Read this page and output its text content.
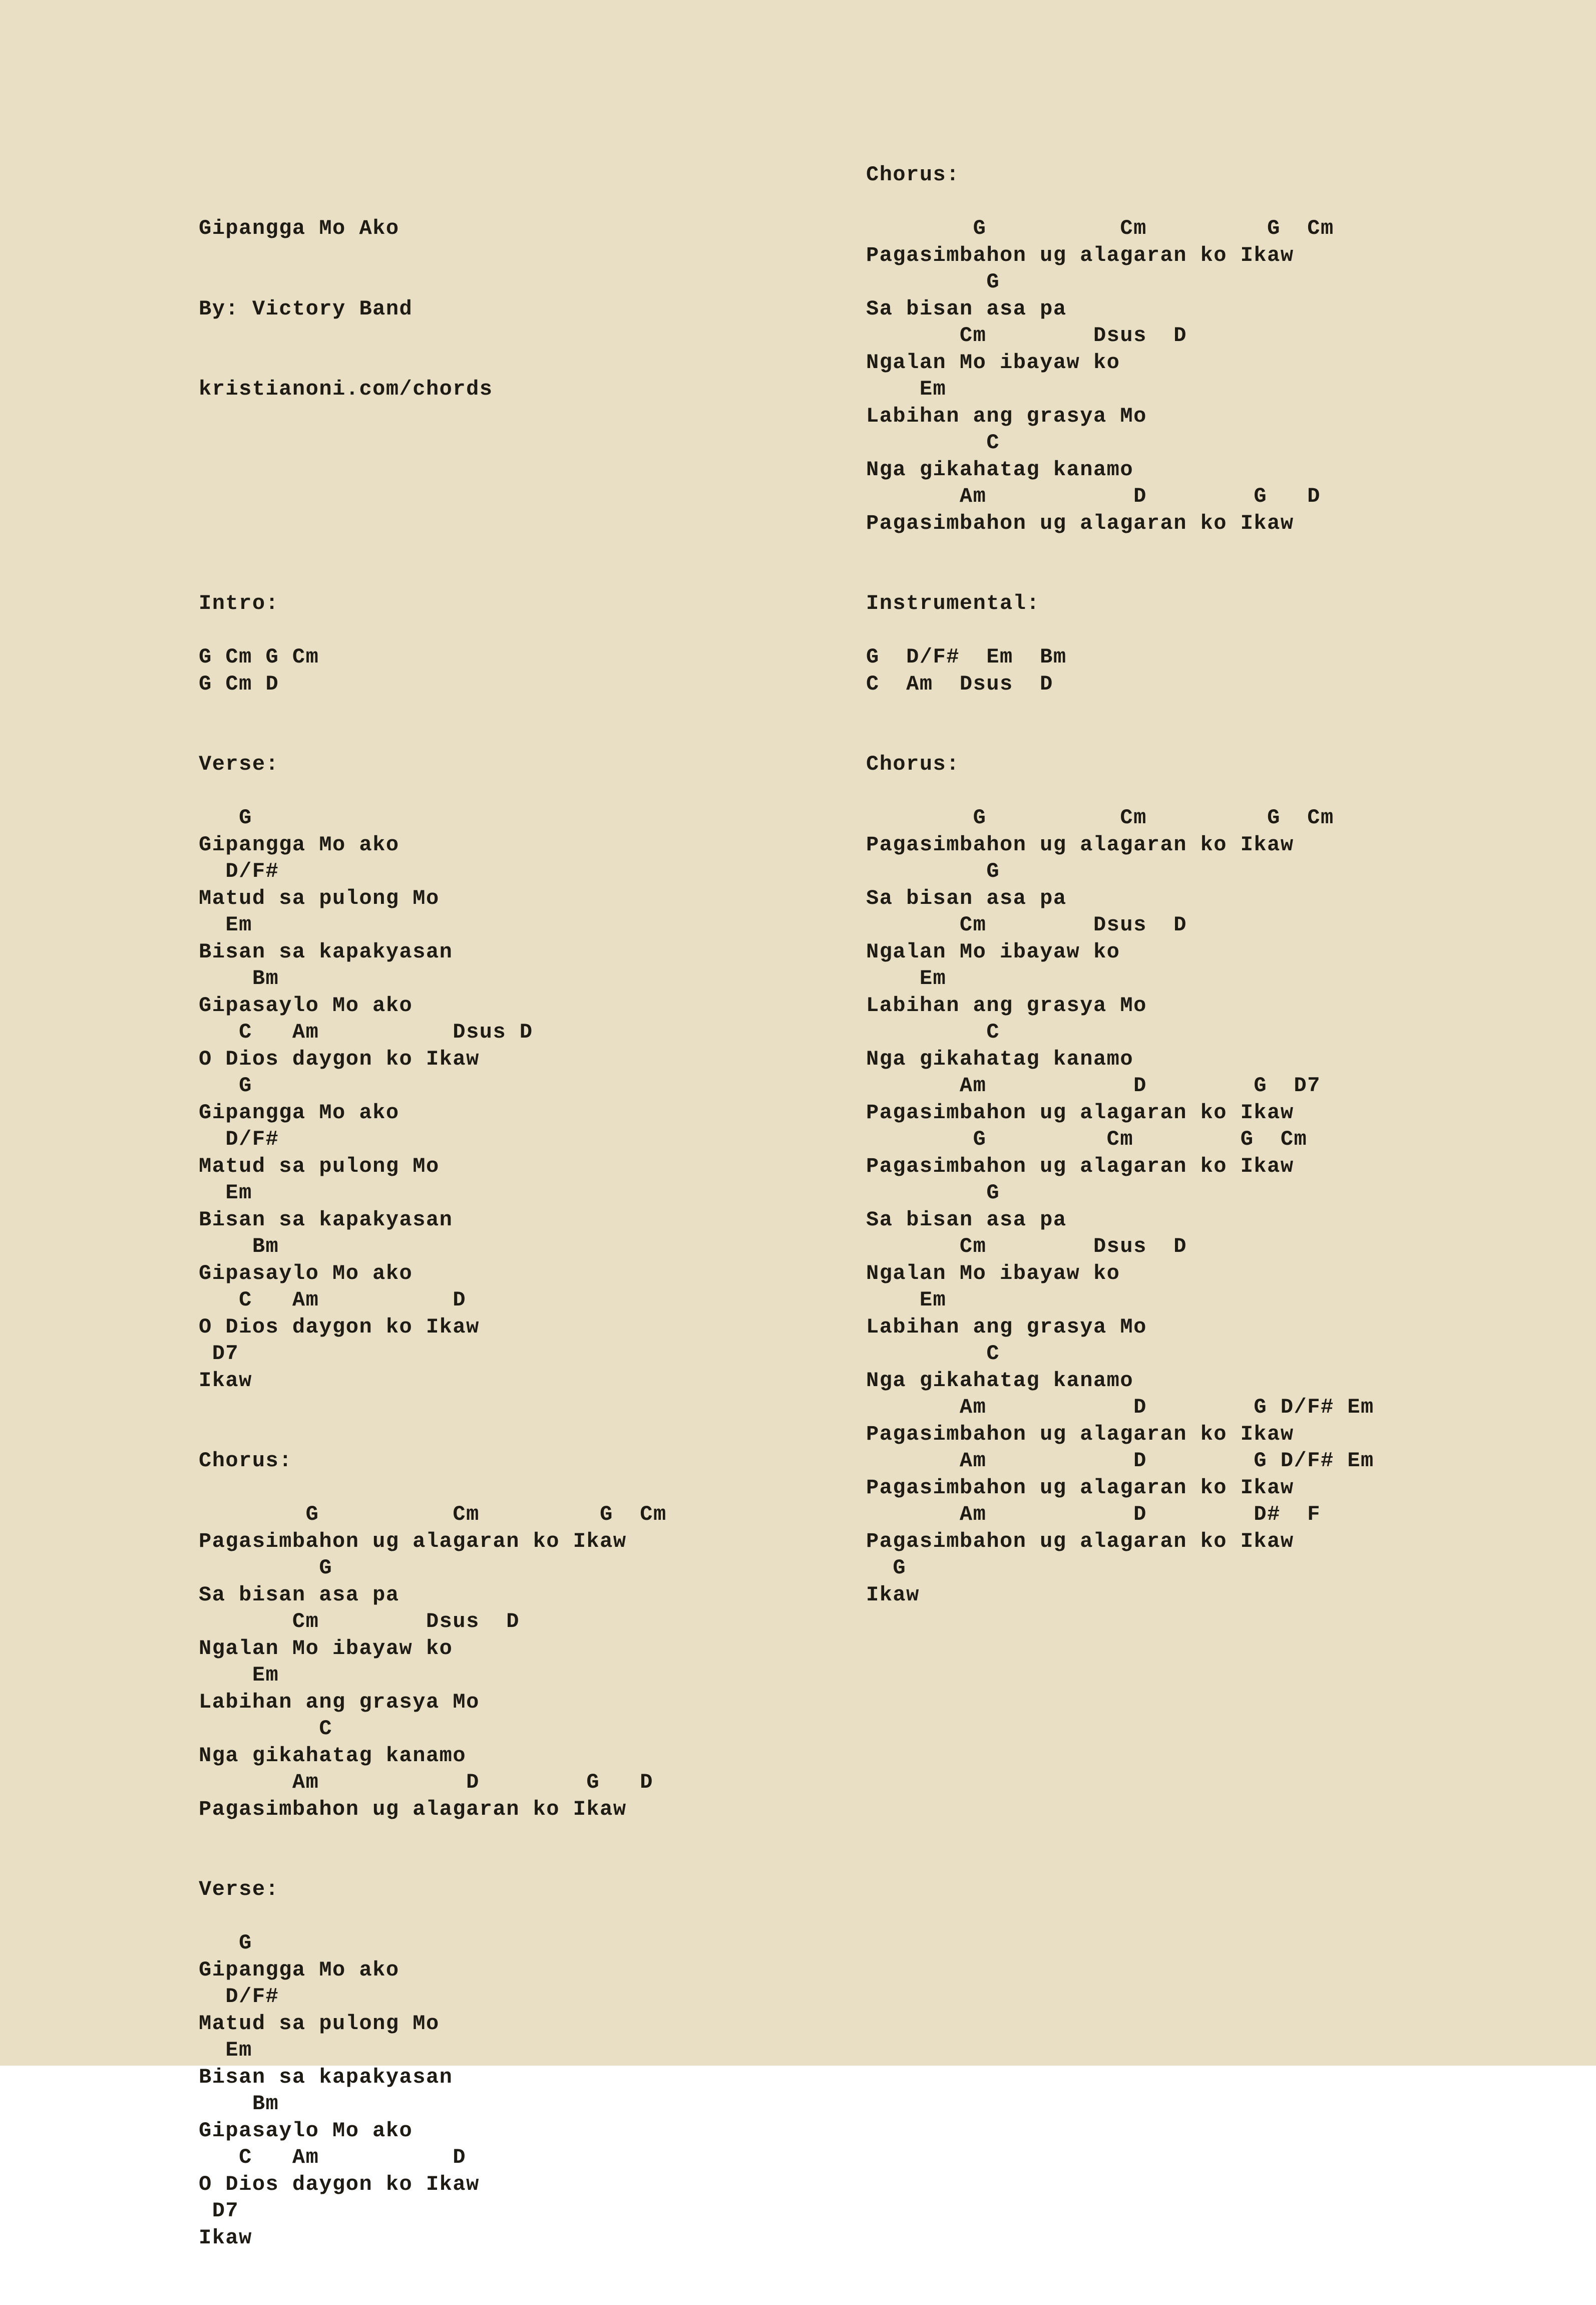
Gipangga Mo Ako

By: Victory Band

kristianoni.com/chords

Intro:
G Cm G Cm
G Cm D
Verse:
G
Gipangga Mo ako
D/F#
Matud sa pulong Mo
Em
Bisan sa kapakyasan
Bm
Gipasaylo Mo ako
C   Am          Dsus D
O Dios daygon ko Ikaw
G
Gipangga Mo ako
D/F#
Matud sa pulong Mo
Em
Bisan sa kapakyasan
Bm
Gipasaylo Mo ako
C   Am          D
O Dios daygon ko Ikaw
D7
Ikaw
Chorus:
G          Cm         G  Cm
Pagasimbahon ug alagaran ko Ikaw
G
Sa bisan asa pa
Cm        Dsus  D
Ngalan Mo ibayaw ko
Em
Labihan ang grasya Mo
C
Nga gikahatag kanamo
Am           D        G   D
Pagasimbahon ug alagaran ko Ikaw
Verse:
G
Gipangga Mo ako
D/F#
Matud sa pulong Mo
Em
Bisan sa kapakyasan
Bm
Gipasaylo Mo ako
C   Am          D
O Dios daygon ko Ikaw
D7
Ikaw

Chorus:
G          Cm         G  Cm
Pagasimbahon ug alagaran ko Ikaw
G
Sa bisan asa pa
Cm        Dsus  D
Ngalan Mo ibayaw ko
Em
Labihan ang grasya Mo
C
Nga gikahatag kanamo
Am           D        G   D
Pagasimbahon ug alagaran ko Ikaw
Instrumental:
G  D/F#  Em  Bm
C  Am  Dsus  D
Chorus:
G          Cm         G  Cm
Pagasimbahon ug alagaran ko Ikaw
G
Sa bisan asa pa
Cm        Dsus  D
Ngalan Mo ibayaw ko
Em
Labihan ang grasya Mo
C
Nga gikahatag kanamo
Am           D        G  D7
Pagasimbahon ug alagaran ko Ikaw
G         Cm        G  Cm
Pagasimbahon ug alagaran ko Ikaw
G
Sa bisan asa pa
Cm        Dsus  D
Ngalan Mo ibayaw ko
Em
Labihan ang grasya Mo
C
Nga gikahatag kanamo
Am           D        G D/F# Em
Pagasimbahon ug alagaran ko Ikaw
Am           D        G D/F# Em
Pagasimbahon ug alagaran ko Ikaw
Am           D        D#  F
Pagasimbahon ug alagaran ko Ikaw
G
Ikaw
